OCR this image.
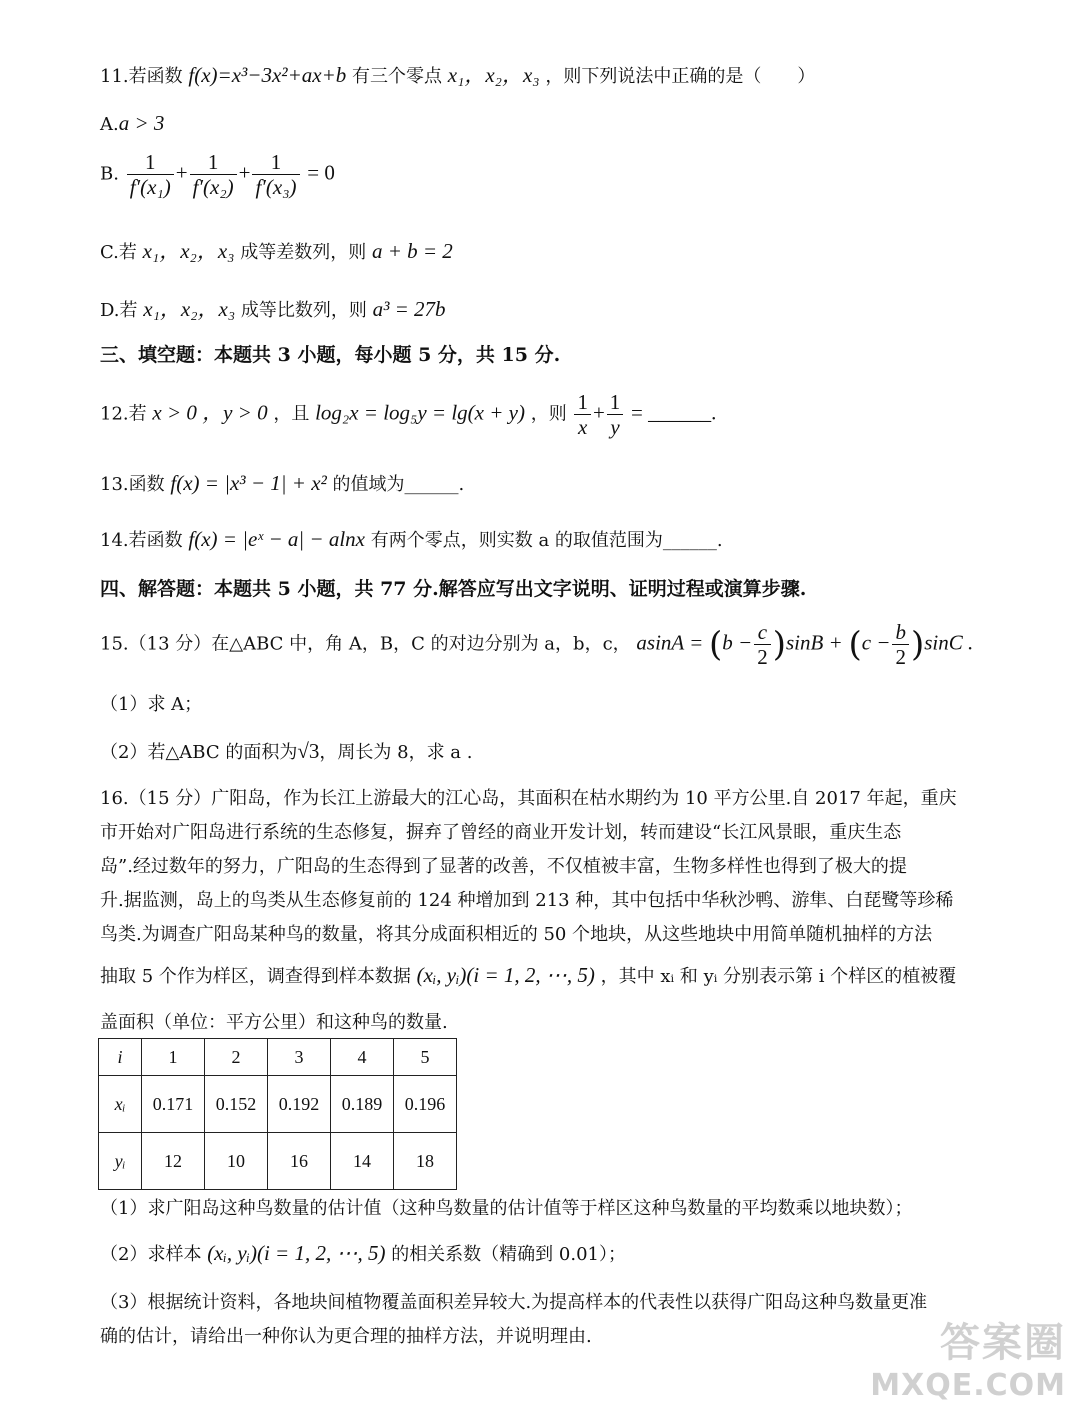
11.若函数 f(x)=x³−3x²+ax+b 有三个零点 x₁，x₂，x₃ ，则下列说法中正确的是（　　）
A.a > 3
B. $\frac{1}{\text{f′(x₁)}} + \frac{1}{\text{f′(x₂)}} + \frac{1}{\text{f′(x₃)}} = 0$
C.若 x₁，x₂，x₃ 成等差数列，则 a + b = 2
D.若 x₁，x₂，x₃ 成等比数列，则 a³ = 27b
三、填空题：本题共 3 小题，每小题 5 分，共 15 分.
12.若 x > 0 ，y > 0 ，且 log₂x = log₅y = lg(x + y) ，则 $\frac{1}{x} + \frac{1}{y}$ = ______.
13.函数 f(x) = |x³ − 1| + x² 的值域为______.
14.若函数 f(x) = |eˣ − a| − alnx 有两个零点，则实数 a 的取值范围为______.
四、解答题：本题共 5 小题，共 77 分.解答应写出文字说明、证明过程或演算步骤.
15.（13 分）在△ABC 中，角 A，B，C 的对边分别为 a，b，c， $asinA = (b - \frac{c}{2} )\sin B + (c - \frac{b}{2} )\sin C$ .
（1）求 A；
（2）若△ABC 的面积为√3，周长为 8，求 a .
16.（15 分）广阳岛，作为长江上游最大的江心岛，其面积在枯水期约为 10 平方公里.自 2017 年起，重庆
市开始对广阳岛进行系统的生态修复，摒弃了曾经的商业开发计划，转而建设“长江风景眼，重庆生态
岛”.经过数年的努力，广阳岛的生态得到了显著的改善，不仅植被丰富，生物多样性也得到了极大的提
升.据监测，岛上的鸟类从生态修复前的 124 种增加到 213 种，其中包括中华秋沙鸭、游隼、白琵鹭等珍稀
鸟类.为调查广阳岛某种鸟的数量，将其分成面积相近的 50 个地块，从这些地块中用简单随机抽样的方法
抽取 5 个作为样区，调查得到样本数据 (xᵢ, yᵢ)(i = 1, 2, ⋯, 5) ，其中 xᵢ 和 yᵢ 分别表示第 i 个样区的植被覆
盖面积（单位：平方公里）和这种鸟的数量.
i	1	2	3	4	5
xᵢ	0.171	0.152	0.192	0.189	0.196
yᵢ	12	10	16	14	18
（1）求广阳岛这种鸟数量的估计值（这种鸟数量的估计值等于样区这种鸟数量的平均数乘以地块数）；
（2）求样本 (xᵢ, yᵢ)(i = 1, 2, ⋯, 5) 的相关系数（精确到 0.01）；
（3）根据统计资料，各地块间植物覆盖面积差异较大.为提高样本的代表性以获得广阳岛这种鸟数量更准
确的估计，请给出一种你认为更合理的抽样方法，并说明理由.	答案圈
MXQE.COM
